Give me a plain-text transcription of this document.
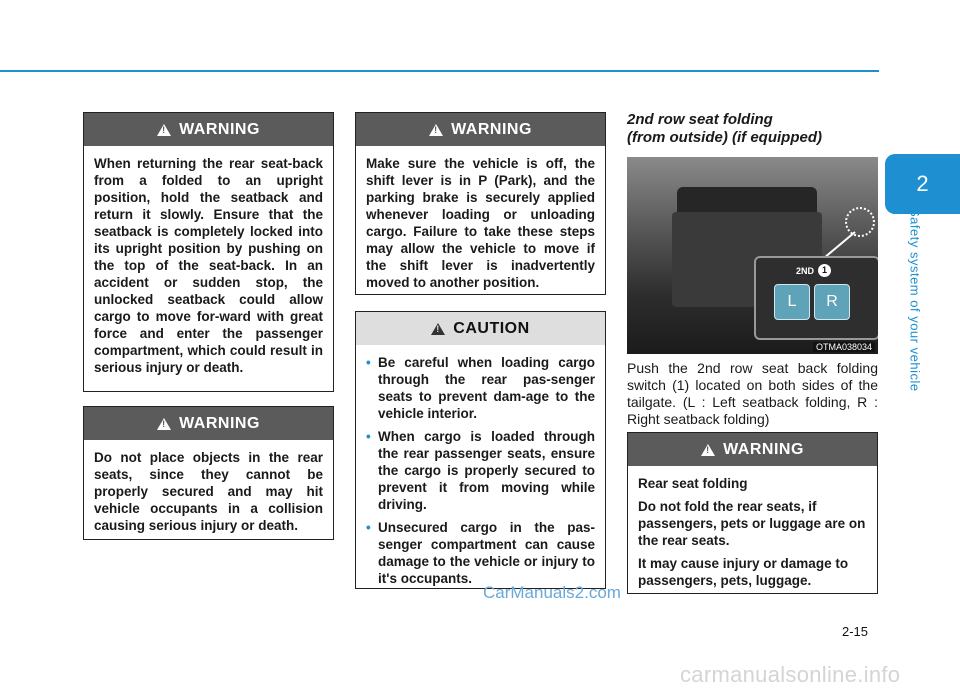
2
Safety system of your vehicle
!
WARNING
When returning the rear seat-back from a folded to an upright position, hold the seatback and return it slowly. Ensure that the seatback is completely locked into its upright position by pushing on the top of the seat-back. In an accident or sudden stop, the unlocked seatback could allow cargo to move for-ward with great force and enter the passenger compartment, which could result in serious injury or death.
!
WARNING
Do not place objects in the rear seats, since they cannot be properly secured and may hit vehicle occupants in a collision causing serious injury or death.
!
WARNING
Make sure the vehicle is off, the shift lever is in P (Park), and the parking brake is securely applied whenever loading or unloading cargo. Failure to take these steps may allow the vehicle to move if the shift lever is inadvertently moved to another position.
!
CAUTION
• Be careful when loading cargo through the rear pas-senger seats to prevent dam-age to the vehicle interior.
• When cargo is loaded through the rear passenger seats, ensure the cargo is properly secured to prevent it from moving while driving.
• Unsecured cargo in the pas-senger compartment can cause damage to the vehicle or injury to it's occupants.
2nd row seat folding
(from outside) (if equipped)
2ND 1
L	R
OTMA038034
Push the 2nd row seat back folding switch (1) located on both sides of the tailgate. (L : Left seatback folding, R : Right seatback folding)
!
WARNING

Rear seat folding

Do not fold the rear seats, if passengers, pets or luggage are on the rear seats.

It may cause injury or damage to passengers, pets, luggage.

CarManuals2.com
2-15
carmanualsonline.info
